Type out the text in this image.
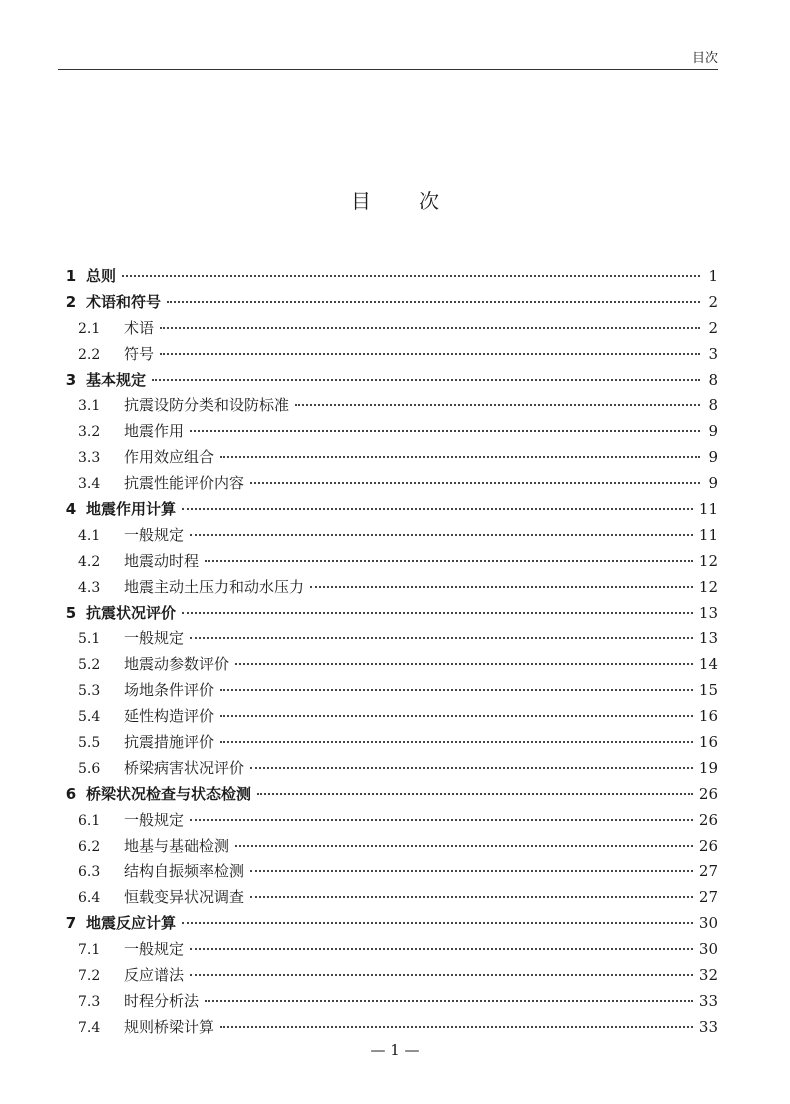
目次
目 次
1 总则	1
2 术语和符号	2
2.1	术语	2
2.2	符号	3
3 基本规定	8
3.1	抗震设防分类和设防标准	8
3.2	地震作用	9
3.3	作用效应组合	9
3.4	抗震性能评价内容	9
4 地震作用计算	11
4.1	一般规定	11
4.2	地震动时程	12
4.3	地震主动土压力和动水压力	12
5 抗震状况评价	13
5.1	一般规定	13
5.2	地震动参数评价	14
5.3	场地条件评价	15
5.4	延性构造评价	16
5.5	抗震措施评价	16
5.6	桥梁病害状况评价	19
6 桥梁状况检查与状态检测	26
6.1	一般规定	26
6.2	地基与基础检测	26
6.3	结构自振频率检测	27
6.4	恒载变异状况调查	27
7 地震反应计算	30
7.1	一般规定	30
7.2	反应谱法	32
7.3	时程分析法	33
7.4	规则桥梁计算	33
— 1 —
